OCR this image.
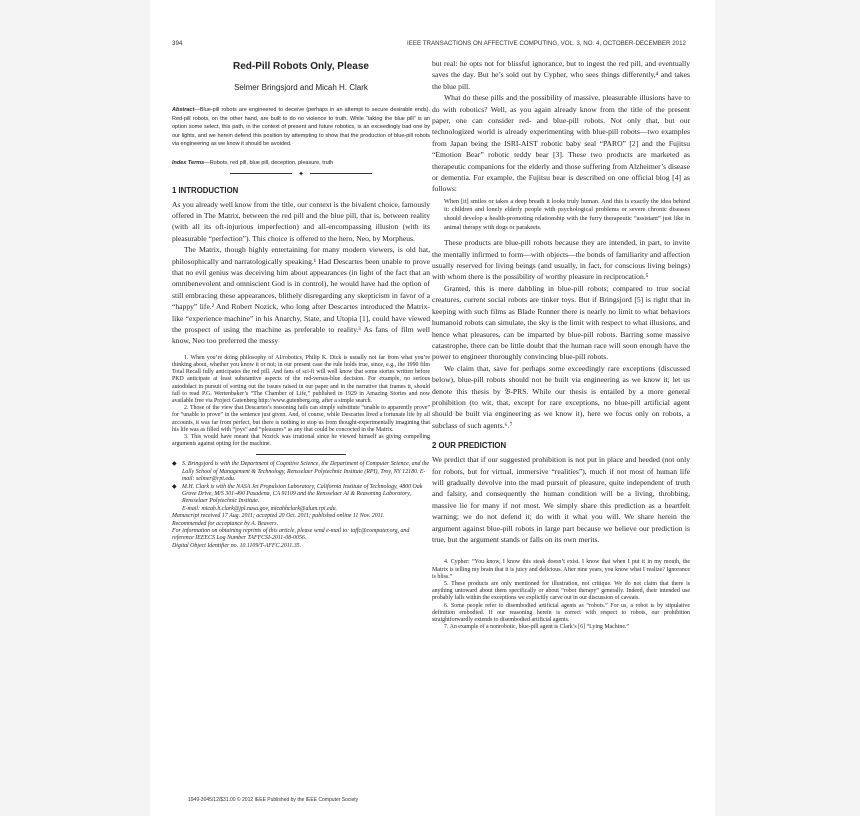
394	IEEE TRANSACTIONS ON AFFECTIVE COMPUTING, VOL. 3, NO. 4, OCTOBER-DECEMBER 2012
Red-Pill Robots Only, Please
Selmer Bringsjord and Micah H. Clark
Abstract—Blue-pill robots are engineered to deceive (perhaps in an attempt to secure desirable ends). Red-pill robots, on the other hand, are built to do no violence to truth. While “taking the blue pill” is an option some select, this path, in the context of present and future robotics, is an exceedingly bad one by our lights, and we herein defend this position by attempting to show that the production of blue-pill robots via engineering as we know it should be avoided.
Index Terms—Robots, red pill, blue pill, deception, pleasure, truth
✦
1 INTRODUCTION

As you already well know from the title, our context is the bivalent choice, famously offered in The Matrix, between the red pill and the blue pill, that is, between reality (with all its oft-injurious imperfection) and all-encompassing illusion (with its pleasurable “perfection”). This choice is offered to the hero, Neo, by Morpheus.

The Matrix, though highly entertaining for many modern viewers, is old hat, philosophically and narratologically speaking.¹ Had Descartes been unable to prove that no evil genius was deceiving him about appearances (in light of the fact that an omnibenevolent and omniscient God is in control), he would have had the option of still embracing these appearances, blithely disregarding any skepticism in favor of a “happy” life.² And Robert Nozick, who long after Descartes introduced the Matrix-like “experience machine” in his Anarchy, State, and Utopia [1], could have viewed the prospect of using the machine as preferable to reality.³ As fans of film well know, Neo too preferred the messy

1. When you’re doing philosophy of AI/robotics, Philip K. Dick is usually not far from what you’re thinking about, whether you know it or not; in our present case the rule holds true, since, e.g., the 1990 film Total Recall fully anticipates the red pill. And fans of sci-fi will well know that some stories written before PKD anticipate at least substantive aspects of the red-versus-blue decision. For example, no serious autodidact in pursuit of sorting out the issues raised in our paper and in the narrative that frames it, should fail to read P.G. Wertenbaker’s “The Chamber of Life,” published in 1929 in Amazing Stories and now available free via Project Gutenberg http://www.gutenberg.org, after a simple search.

2. Those of the view that Descartes’s reasoning fails can simply substitute “unable to apparently prove” for “unable to prove” in the sentence just given. And, of course, while Descartes lived a fortunate life by all accounts, it was far from perfect, but there is nothing to stop us from thought-experimentally imagining that his life was as filled with “joys” and “pleasures” as any that could be concocted in the Matrix.

3. This would have meant that Nozick was irrational since he viewed himself as giving compelling arguments against opting for the machine.

◆ S. Bringsjord is with the Department of Cognitive Science, the Department of Computer Science, and the Lally School of Management & Technology, Rensselaer Polytechnic Institute (RPI), Troy, NY 12180. E-mail: selmer@rpi.edu.
◆ M.H. Clark is with the NASA Jet Propulsion Laboratory, California Institute of Technology, 4800 Oak Grove Drive, M/S 301-490 Pasadena, CA 91109 and the Rensselaer AI & Reasoning Laboratory, Rensselaer Polytechnic Institute.
E-mail: micah.h.clark@jpl.nasa.gov, micahhclark@alum.rpi.edu.
Manuscript received 17 Aug. 2011; accepted 20 Oct. 2011; published online 11 Nov. 2011.
Recommended for acceptance by A. Beavers.
For information on obtaining reprints of this article, please send e-mail to: taffc@computer.org, and reference IEEECS Log Number TAFFCSI-2011-08-0056.
Digital Object Identifier no. 10.1109/T-AFFC.2011.35.

but real: he opts not for blissful ignorance, but to ingest the red pill, and eventually saves the day. But he’s sold out by Cypher, who sees things differently,⁴ and takes the blue pill.

What do these pills and the possibility of massive, pleasurable illusions have to do with robotics? Well, as you again already know from the title of the present paper, one can consider red- and blue-pill robots. Not only that, but our technologized world is already experimenting with blue-pill robots—two examples from Japan being the ISRI-AIST robotic baby seal “PARO” [2] and the Fujitsu “Emotion Bear” robotic teddy bear [3]. These two products are marketed as therapeutic companions for the elderly and those suffering from Alzheimer’s disease or dementia. For example, the Fujitsu bear is described on one official blog [4] as follows:

When [it] smiles or takes a deep breath it looks truly human. And this is exactly the idea behind it: children and lonely elderly people with psychological problems or severe chronic diseases should develop a health-promoting relationship with the furry therapeutic “assistant” just like in animal therapy with dogs or parakeets.

These products are blue-pill robots because they are intended, in part, to invite the mentally infirmed to form—with objects—the bonds of familiarity and affection usually reserved for living beings (and usually, in fact, for conscious living beings) with whom there is the possibility of worthy pleasure in reciprocation.⁵

Granted, this is mere dabbling in blue-pill robots; compared to true social creatures, current social robots are tinker toys. But if Bringsjord [5] is right that in keeping with such films as Blade Runner there is nearly no limit to what behaviors humanoid robots can simulate, the sky is the limit with respect to what illusions, and hence what pleasures, can be imparted by blue-pill robots. Barring some massive catastrophe, there can be little doubt that the human race will soon enough have the power to engineer thoroughly convincing blue-pill robots.

We claim that, save for perhaps some exceedingly rare exceptions (discussed below), blue-pill robots should not be built via engineering as we know it; let us denote this thesis by 𝔅-PRS. While our thesis is entailed by a more general prohibition (to wit, that, except for rare exceptions, no blue-pill artificial agent should be built via engineering as we know it), here we focus only on robots, a subclass of such agents.⁶˒⁷

2 OUR PREDICTION

We predict that if our suggested prohibition is not put in place and heeded (not only for robots, but for virtual, immersive “realities”), much if not most of human life will gradually devolve into the mad pursuit of pleasure, quite independent of truth and falsity, and consequently the human condition will be a living, throbbing, massive lie for many if not most. We simply share this prediction as a heartfelt warning; we do not defend it; do with it what you will. We share herein the argument against blue-pill robots in large part because we believe our prediction is true, but the argument stands or falls on its own merits.

4. Cypher: “You know, I know this steak doesn’t exist. I know that when I put it in my mouth, the Matrix is telling my brain that it is juicy and delicious. After nine years, you know what I realize? Ignorance is bliss.”

5. These products are only mentioned for illustration, not critique. We do not claim that there is anything untoward about them specifically or about “robot therapy” generally. Indeed, their intended use probably falls within the exceptions we explicitly carve out in our discussion of caveats.

6. Some people refer to disembodied artificial agents as “robots.” For us, a robot is by stipulative definition embodied. If our reasoning herein is correct with respect to robots, our prohibition straightforwardly extends to disembodied artificial agents.

7. An example of a nonrobotic, blue-pill agent is Clark’s [6] “Lying Machine.”

1949-3045/12/$31.00 © 2012 IEEE Published by the IEEE Computer Society
